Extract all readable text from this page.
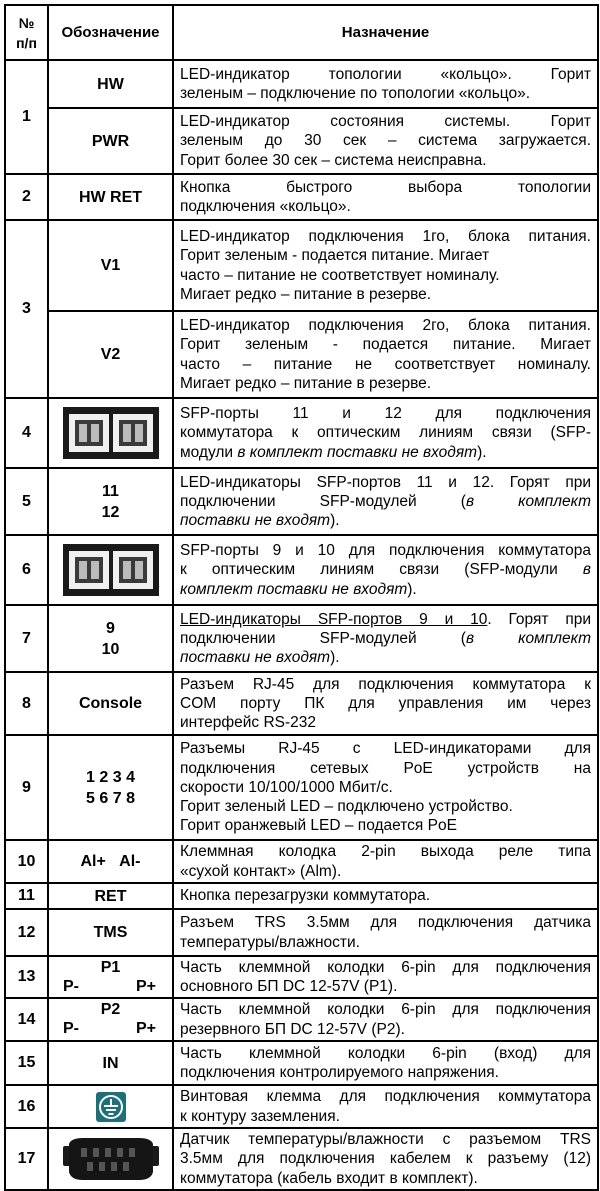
№
п/п	Обозначение	Назначение
1	HW	LED-индикатор топологии «кольцо». Горит
зеленым – подключение по топологии «кольцо».

	PWR	LED-индикатор состояния системы. Горит
зеленым до 30 сек – система загружается.
Горит более 30 сек – система неисправна.

2	HW RET	Кнопка быстрого выбора топологии
подключения «кольцо».

3	V1	LED-индикатор подключения 1го, блока питания.
Горит зеленым - подается питание. Мигает
часто – питание не соответствует номиналу.
Мигает редко – питание в резерве.

	V2	LED-индикатор подключения 2го, блока питания.
Горит зеленым - подается питание. Мигает
часто – питание не соответствует номиналу.
Мигает редко – питание в резерве.

4		SFP-порты 11 и 12 для подключения
коммутатора к оптическим линиям связи (SFP-
модули в комплект поставки не входят).

5	11
12	LED-индикаторы SFP-портов 11 и 12. Горят при
подключении SFP-модулей (в комплект
поставки не входят).

6		SFP-порты 9 и 10 для подключения коммутатора
к оптическим линиям связи (SFP-модули в
комплект поставки не входят).

7	9
10	LED-индикаторы SFP-портов 9 и 10. Горят при
подключении SFP-модулей (в комплект
поставки не входят).

8	Console	Разъем RJ-45 для подключения коммутатора к
COM порту ПК для управления им через
интерфейс RS-232

9	1 2 3 4
5 6 7 8	Разъемы RJ-45 с LED-индикаторами для
подключения сетевых PoE устройств на
скорости 10/100/1000 Мбит/с.
Горит зеленый LED – подключено устройство.
Горит оранжевый LED – подается PoE

10	Al+ Al-	Клеммная колодка 2-pin выхода реле типа
«сухой контакт» (Alm).

11	RET	Кнопка перезагрузки коммутатора.

12	TMS	Разъем TRS 3.5мм для подключения датчика
температуры/влажности.

13	P1
P- P+	Часть клеммной колодки 6-pin для подключения
основного БП DC 12-57V (P1).

14	P2
P- P+	Часть клеммной колодки 6-pin для подключения
резервного БП DC 12-57V (P2).

15	IN	Часть клеммной колодки 6-pin (вход) для
подключения контролируемого напряжения.

16		Винтовая клемма для подключения коммутатора
к контуру заземления.

17		Датчик температуры/влажности с разъемом TRS
3.5мм для подключения кабелем к разъему (12)
коммутатора (кабель входит в комплект).
